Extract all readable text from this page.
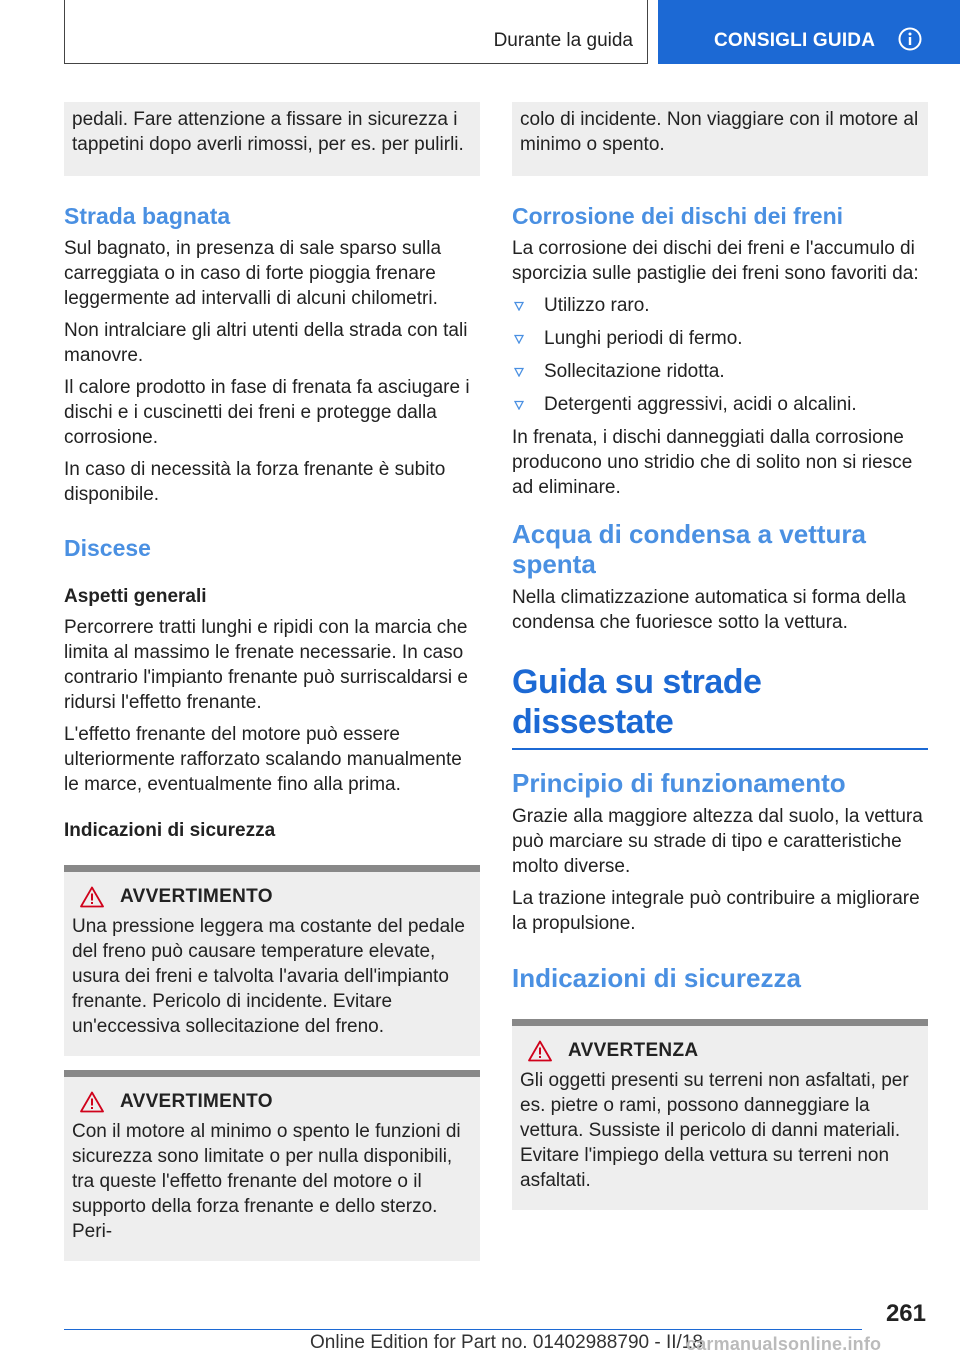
Durante la guida	CONSIGLI GUIDA

pedali. Fare attenzione a fissare in sicurezza i tappetini dopo averli rimossi, per es. per pulirli.

Strada bagnata

Sul bagnato, in presenza di sale sparso sulla carreggiata o in caso di forte pioggia frenare leggermente ad intervalli di alcuni chilometri.

Non intralciare gli altri utenti della strada con tali manovre.

Il calore prodotto in fase di frenata fa asciugare i dischi e i cuscinetti dei freni e protegge dalla corrosione.

In caso di necessità la forza frenante è subito disponibile.

Discese
Aspetti generali

Percorrere tratti lunghi e ripidi con la marcia che limita al massimo le frenate necessarie. In caso contrario l'impianto frenante può surriscaldarsi e ridursi l'effetto frenante.

L'effetto frenante del motore può essere ulteriormente rafforzato scalando manualmente le marce, eventualmente fino alla prima.

Indicazioni di sicurezza
AVVERTIMENTO

Una pressione leggera ma costante del pedale del freno può causare temperature elevate, usura dei freni e talvolta l'avaria dell'impianto frenante. Pericolo di incidente. Evitare un'eccessiva sollecitazione del freno.

AVVERTIMENTO

Con il motore al minimo o spento le funzioni di sicurezza sono limitate o per nulla disponibili, tra queste l'effetto frenante del motore o il supporto della forza frenante e dello sterzo. Peri-

colo di incidente. Non viaggiare con il motore al minimo o spento.

Corrosione dei dischi dei freni

La corrosione dei dischi dei freni e l'accumulo di sporcizia sulle pastiglie dei freni sono favoriti da:

Utilizzo raro.
Lunghi periodi di fermo.
Sollecitazione ridotta.
Detergenti aggressivi, acidi o alcalini.

In frenata, i dischi danneggiati dalla corrosione producono uno stridio che di solito non si riesce ad eliminare.

Acqua di condensa a vettura spenta

Nella climatizzazione automatica si forma della condensa che fuoriesce sotto la vettura.

Guida su strade dissestate
Principio di funzionamento

Grazie alla maggiore altezza dal suolo, la vettura può marciare su strade di tipo e caratteristiche molto diverse.

La trazione integrale può contribuire a migliorare la propulsione.

Indicazioni di sicurezza
AVVERTENZA

Gli oggetti presenti su terreni non asfaltati, per es. pietre o rami, possono danneggiare la vettura. Sussiste il pericolo di danni materiali. Evitare l'impiego della vettura su terreni non asfaltati.

261
Online Edition for Part no. 01402988790 - II/18
carmanualsonline.info
